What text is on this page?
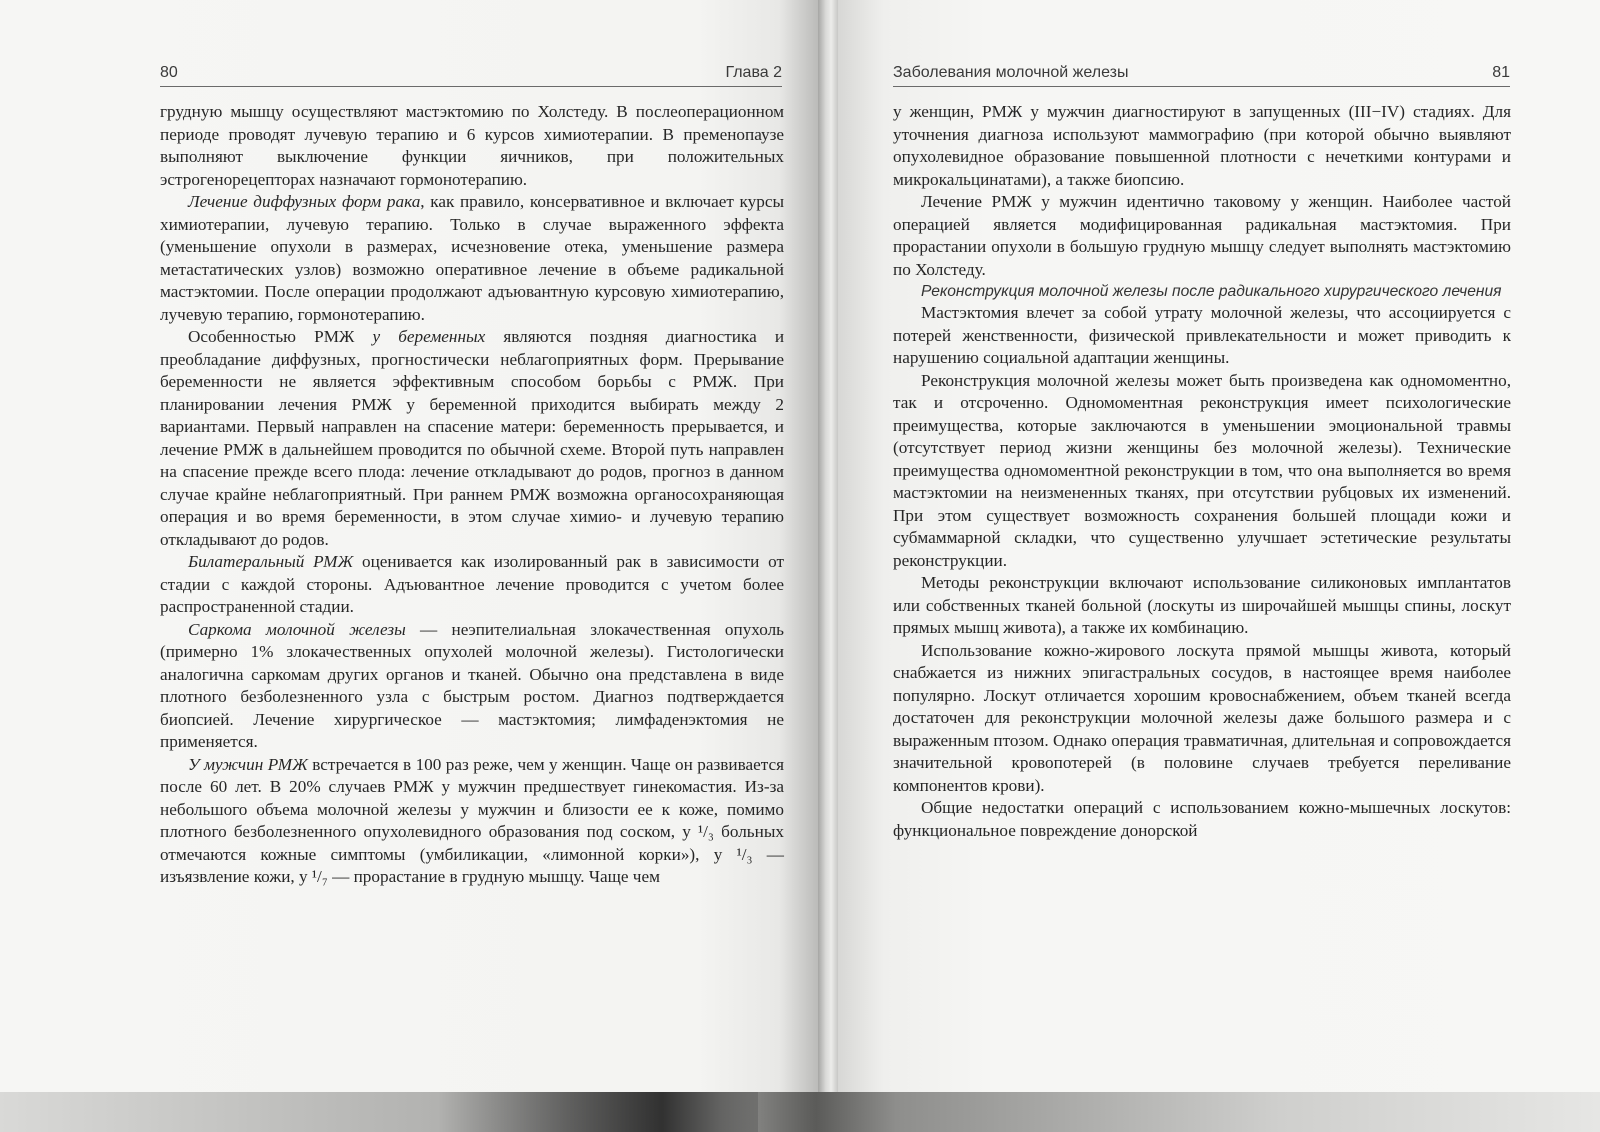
80	Глава 2	Заболевания молочной железы	81

грудную мышцу осуществляют мастэктомию по Холстеду. В послеоперационном периоде проводят лучевую терапию и 6 курсов химиотерапии. В пременопаузе выполняют выключение функции яичников, при положительных эстрогенорецепторах назначают гормонотерапию.

Лечение диффузных форм рака, как правило, консервативное и включает курсы химиотерапии, лучевую терапию. Только в случае выраженного эффекта (уменьшение опухоли в размерах, исчезновение отека, уменьшение размера метастатических узлов) возможно оперативное лечение в объеме радикальной мастэктомии. После операции продолжают адъювантную курсовую химиотерапию, лучевую терапию, гормонотерапию.

Особенностью РМЖ у беременных являются поздняя диагностика и преобладание диффузных, прогностически неблагоприятных форм. Прерывание беременности не является эффективным способом борьбы с РМЖ. При планировании лечения РМЖ у беременной приходится выбирать между 2 вариантами. Первый направлен на спасение матери: беременность прерывается, и лечение РМЖ в дальнейшем проводится по обычной схеме. Второй путь направлен на спасение прежде всего плода: лечение откладывают до родов, прогноз в данном случае крайне неблагоприятный. При раннем РМЖ возможна органосохраняющая операция и во время беременности, в этом случае химио- и лучевую терапию откладывают до родов.

Билатеральный РМЖ оценивается как изолированный рак в зависимости от стадии с каждой стороны. Адъювантное лечение проводится с учетом более распространенной стадии.

Саркома молочной железы — неэпителиальная злокачественная опухоль (примерно 1% злокачественных опухолей молочной железы). Гистологически аналогична саркомам других органов и тканей. Обычно она представлена в виде плотного безболезненного узла с быстрым ростом. Диагноз подтверждается биопсией. Лечение хирургическое — мастэктомия; лимфаденэктомия не применяется.

У мужчин РМЖ встречается в 100 раз реже, чем у женщин. Чаще он развивается после 60 лет. В 20% случаев РМЖ у мужчин предшествует гинекомастия. Из-за небольшого объема молочной железы у мужчин и близости ее к коже, помимо плотного безболезненного опухолевидного образования под соском, у ¹/₃ больных отмечаются кожные симптомы (умбиликации, «лимонной корки»), у ¹/₃ — изъязвление кожи, у ¹/₇ — прорастание в грудную мышцу. Чаще чем

у женщин, РМЖ у мужчин диагностируют в запущенных (III−IV) стадиях. Для уточнения диагноза используют маммографию (при которой обычно выявляют опухолевидное образование повышенной плотности с нечеткими контурами и микрокальцинатами), а также биопсию.

Лечение РМЖ у мужчин идентично таковому у женщин. Наиболее частой операцией является модифицированная радикальная мастэктомия. При прорастании опухоли в большую грудную мышцу следует выполнять мастэктомию по Холстеду.

Реконструкция молочной железы после радикального хирургического лечения

Мастэктомия влечет за собой утрату молочной железы, что ассоциируется с потерей женственности, физической привлекательности и может приводить к нарушению социальной адаптации женщины.

Реконструкция молочной железы может быть произведена как одномоментно, так и отсроченно. Одномоментная реконструкция имеет психологические преимущества, которые заключаются в уменьшении эмоциональной травмы (отсутствует период жизни женщины без молочной железы). Технические преимущества одномоментной реконструкции в том, что она выполняется во время мастэктомии на неизмененных тканях, при отсутствии рубцовых их изменений. При этом существует возможность сохранения большей площади кожи и субмаммарной складки, что существенно улучшает эстетические результаты реконструкции.

Методы реконструкции включают использование силиконовых имплантатов или собственных тканей больной (лоскуты из широчайшей мышцы спины, лоскут прямых мышц живота), а также их комбинацию.

Использование кожно-жирового лоскута прямой мышцы живота, который снабжается из нижних эпигастральных сосудов, в настоящее время наиболее популярно. Лоскут отличается хорошим кровоснабжением, объем тканей всегда достаточен для реконструкции молочной железы даже большого размера и с выраженным птозом. Однако операция травматичная, длительная и сопровождается значительной кровопотерей (в половине случаев требуется переливание компонентов крови).

Общие недостатки операций с использованием кожно-мышечных лоскутов: функциональное повреждение донорской
